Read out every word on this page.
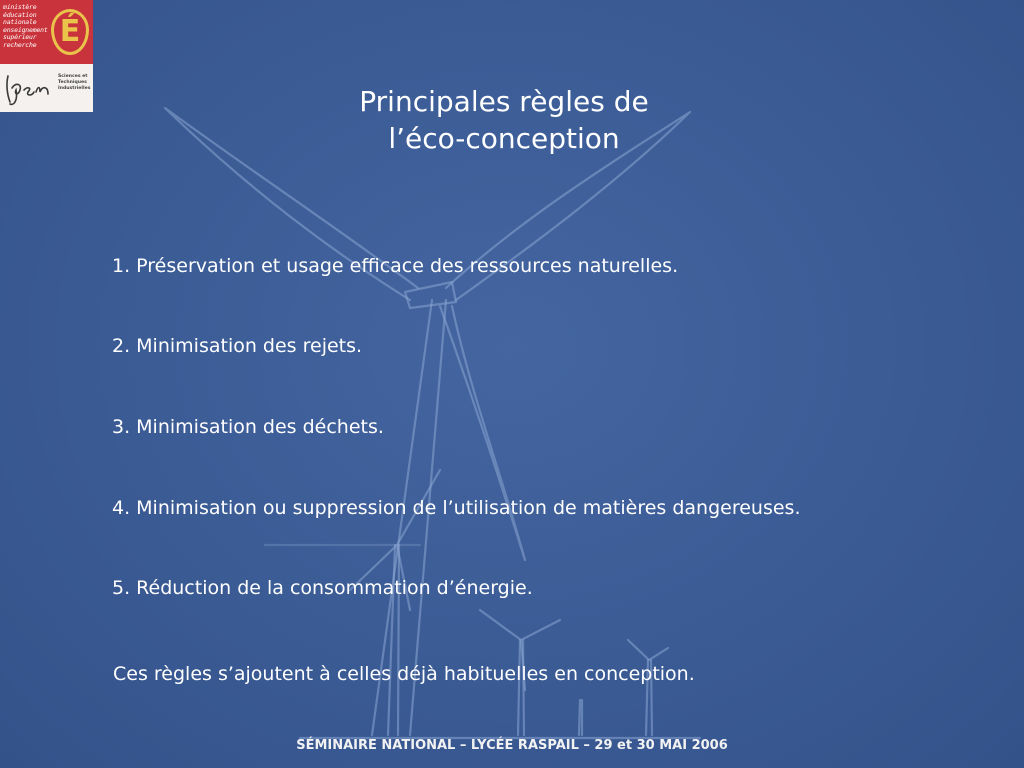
ministère
éducation
nationale
enseignement
supérieur
recherche É
Sciences et
Techniques
Industrielles	Principales règles de
l’éco-conception
1. Préservation et usage efficace des ressources naturelles.
2. Minimisation des rejets.
3. Minimisation des déchets.
4. Minimisation ou suppression de l’utilisation de matières dangereuses.
5. Réduction de la consommation d’énergie.

Ces règles s’ajoutent à celles déjà habituelles en conception.

SÉMINAIRE NATIONAL – LYCÉE RASPAIL – 29 et 30 MAI 2006
